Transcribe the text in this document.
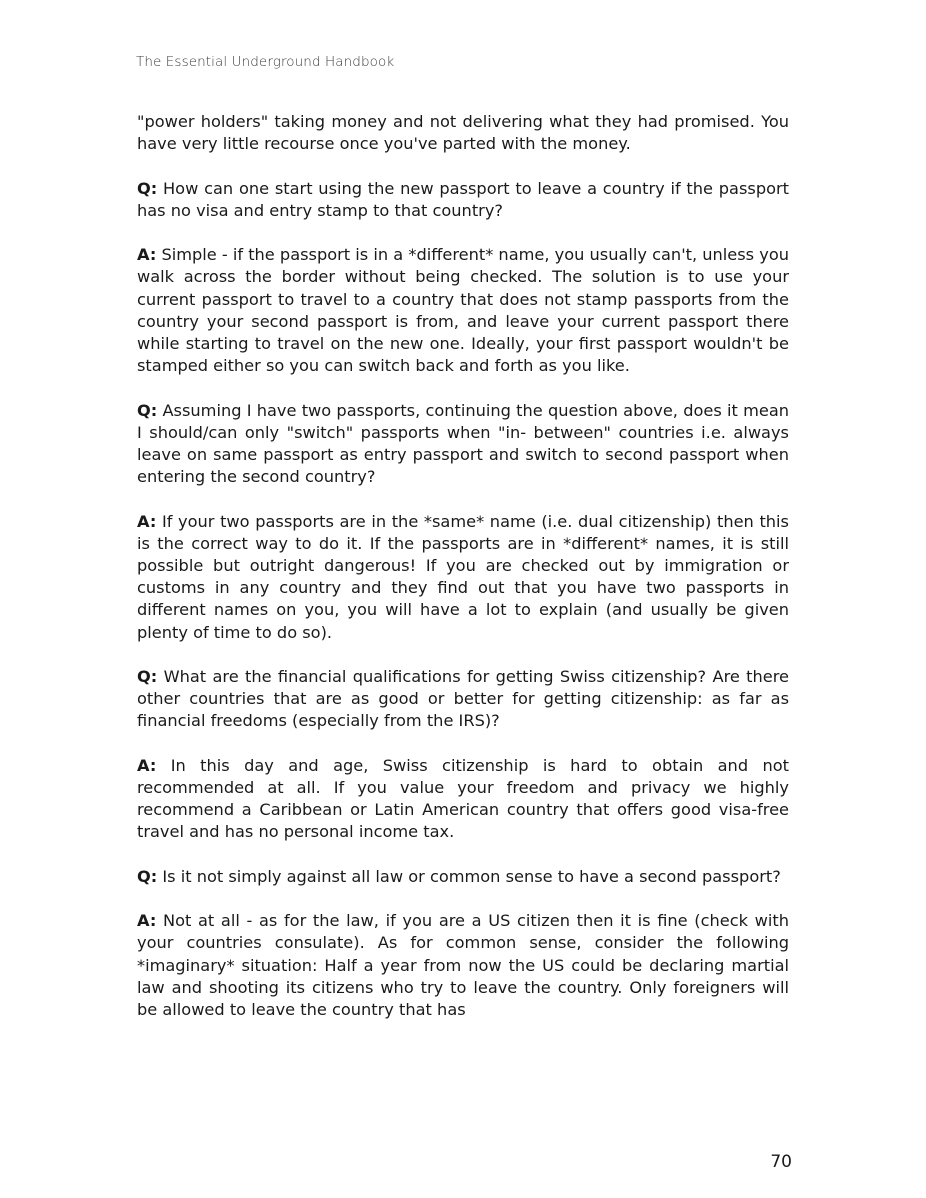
The Essential Underground Handbook

"power holders" taking money and not delivering what they had promised. You have very little recourse once you've parted with the money.

Q: How can one start using the new passport to leave a country if the passport has no visa and entry stamp to that country?

A: Simple - if the passport is in a *different* name, you usually can't, unless you walk across the border without being checked. The solution is to use your current passport to travel to a country that does not stamp passports from the country your second passport is from, and leave your current passport there while starting to travel on the new one. Ideally, your first passport wouldn't be stamped either so you can switch back and forth as you like.

Q: Assuming I have two passports, continuing the question above, does it mean I should/can only "switch" passports when "in- between" countries i.e. always leave on same passport as entry passport and switch to second passport when entering the second country?

A: If your two passports are in the *same* name (i.e. dual citizenship) then this is the correct way to do it. If the passports are in *different* names, it is still possible but outright dangerous! If you are checked out by immigration or customs in any country and they find out that you have two passports in different names on you, you will have a lot to explain (and usually be given plenty of time to do so).

Q: What are the financial qualifications for getting Swiss citizenship? Are there other countries that are as good or better for getting citizenship: as far as financial freedoms (especially from the IRS)?

A: In this day and age, Swiss citizenship is hard to obtain and not recommended at all. If you value your freedom and privacy we highly recommend a Caribbean or Latin American country that offers good visa-free travel and has no personal income tax.

Q: Is it not simply against all law or common sense to have a second passport?

A: Not at all - as for the law, if you are a US citizen then it is fine (check with your countries consulate). As for common sense, consider the following *imaginary* situation: Half a year from now the US could be declaring martial law and shooting its citizens who try to leave the country. Only foreigners will be allowed to leave the country that has

70
